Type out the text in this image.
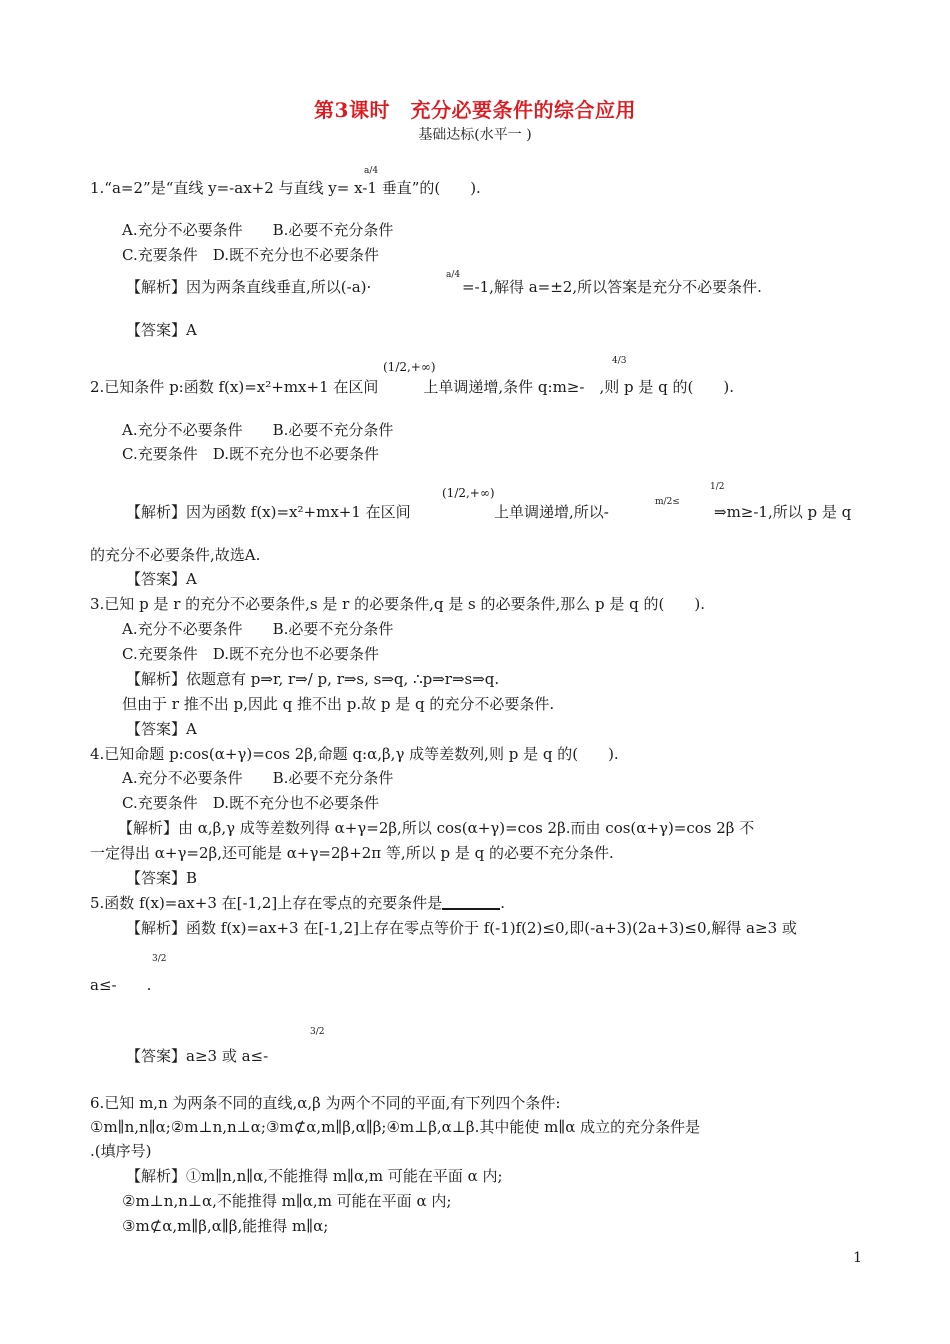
第3课时　充分必要条件的综合应用
基础达标(水平一 )
1.“a=2”是“直线 y=-ax+2 与直线 y= x-1 垂直”的(　　).
a/4
A.充分不必要条件　　B.必要不充分条件
C.充要条件　D.既不充分也不必要条件
【解析】因为两条直线垂直,所以(-a)·
a/4
=-1,解得 a=±2,所以答案是充分不必要条件.
【答案】A
(1/2,+∞)	4/3
2.已知条件 p:函数 f(x)=x²+mx+1 在区间　　　上单调递增,条件 q:m≥-　,则 p 是 q 的(　　).
A.充分不必要条件　　B.必要不充分条件
C.充要条件　D.既不充分也不必要条件
(1/2,+∞)
【解析】因为函数 f(x)=x²+mx+1 在区间	上单调递增,所以-
m/2≤
1/2
⇒m≥-1,所以 p 是 q
的充分不必要条件,故选A.
【答案】A
3.已知 p 是 r 的充分不必要条件,s 是 r 的必要条件,q 是 s 的必要条件,那么 p 是 q 的(　　).
A.充分不必要条件　　B.必要不充分条件
C.充要条件　D.既不充分也不必要条件
【解析】依题意有 p⇒r, r⇒/ p, r⇒s, s⇒q, ∴p⇒r⇒s⇒q.
但由于 r 推不出 p,因此 q 推不出 p.故 p 是 q 的充分不必要条件.
【答案】A
4.已知命题 p:cos(α+γ)=cos 2β,命题 q:α,β,γ 成等差数列,则 p 是 q 的(　　).
A.充分不必要条件　　B.必要不充分条件
C.充要条件　D.既不充分也不必要条件
【解析】由 α,β,γ 成等差数列得 α+γ=2β,所以 cos(α+γ)=cos 2β.而由 cos(α+γ)=cos 2β 不
一定得出 α+γ=2β,还可能是 α+γ=2β+2π 等,所以 p 是 q 的必要不充分条件.
【答案】B
5.函数 f(x)=ax+3 在[-1,2]上存在零点的充要条件是	.
【解析】函数 f(x)=ax+3 在[-1,2]上存在零点等价于 f(-1)f(2)≤0,即(-a+3)(2a+3)≤0,解得 a≥3 或
3/2
a≤-　　.
【答案】a≥3 或 a≤-
3/2
6.已知 m,n 为两条不同的直线,α,β 为两个不同的平面,有下列四个条件:
①m∥n,n∥α;②m⊥n,n⊥α;③m⊄α,m∥β,α∥β;④m⊥β,α⊥β.其中能使 m∥α 成立的充分条件是
.(填序号)
【解析】①m∥n,n∥α,不能推得 m∥α,m 可能在平面 α 内;
②m⊥n,n⊥α,不能推得 m∥α,m 可能在平面 α 内;
③m⊄α,m∥β,α∥β,能推得 m∥α;
1
